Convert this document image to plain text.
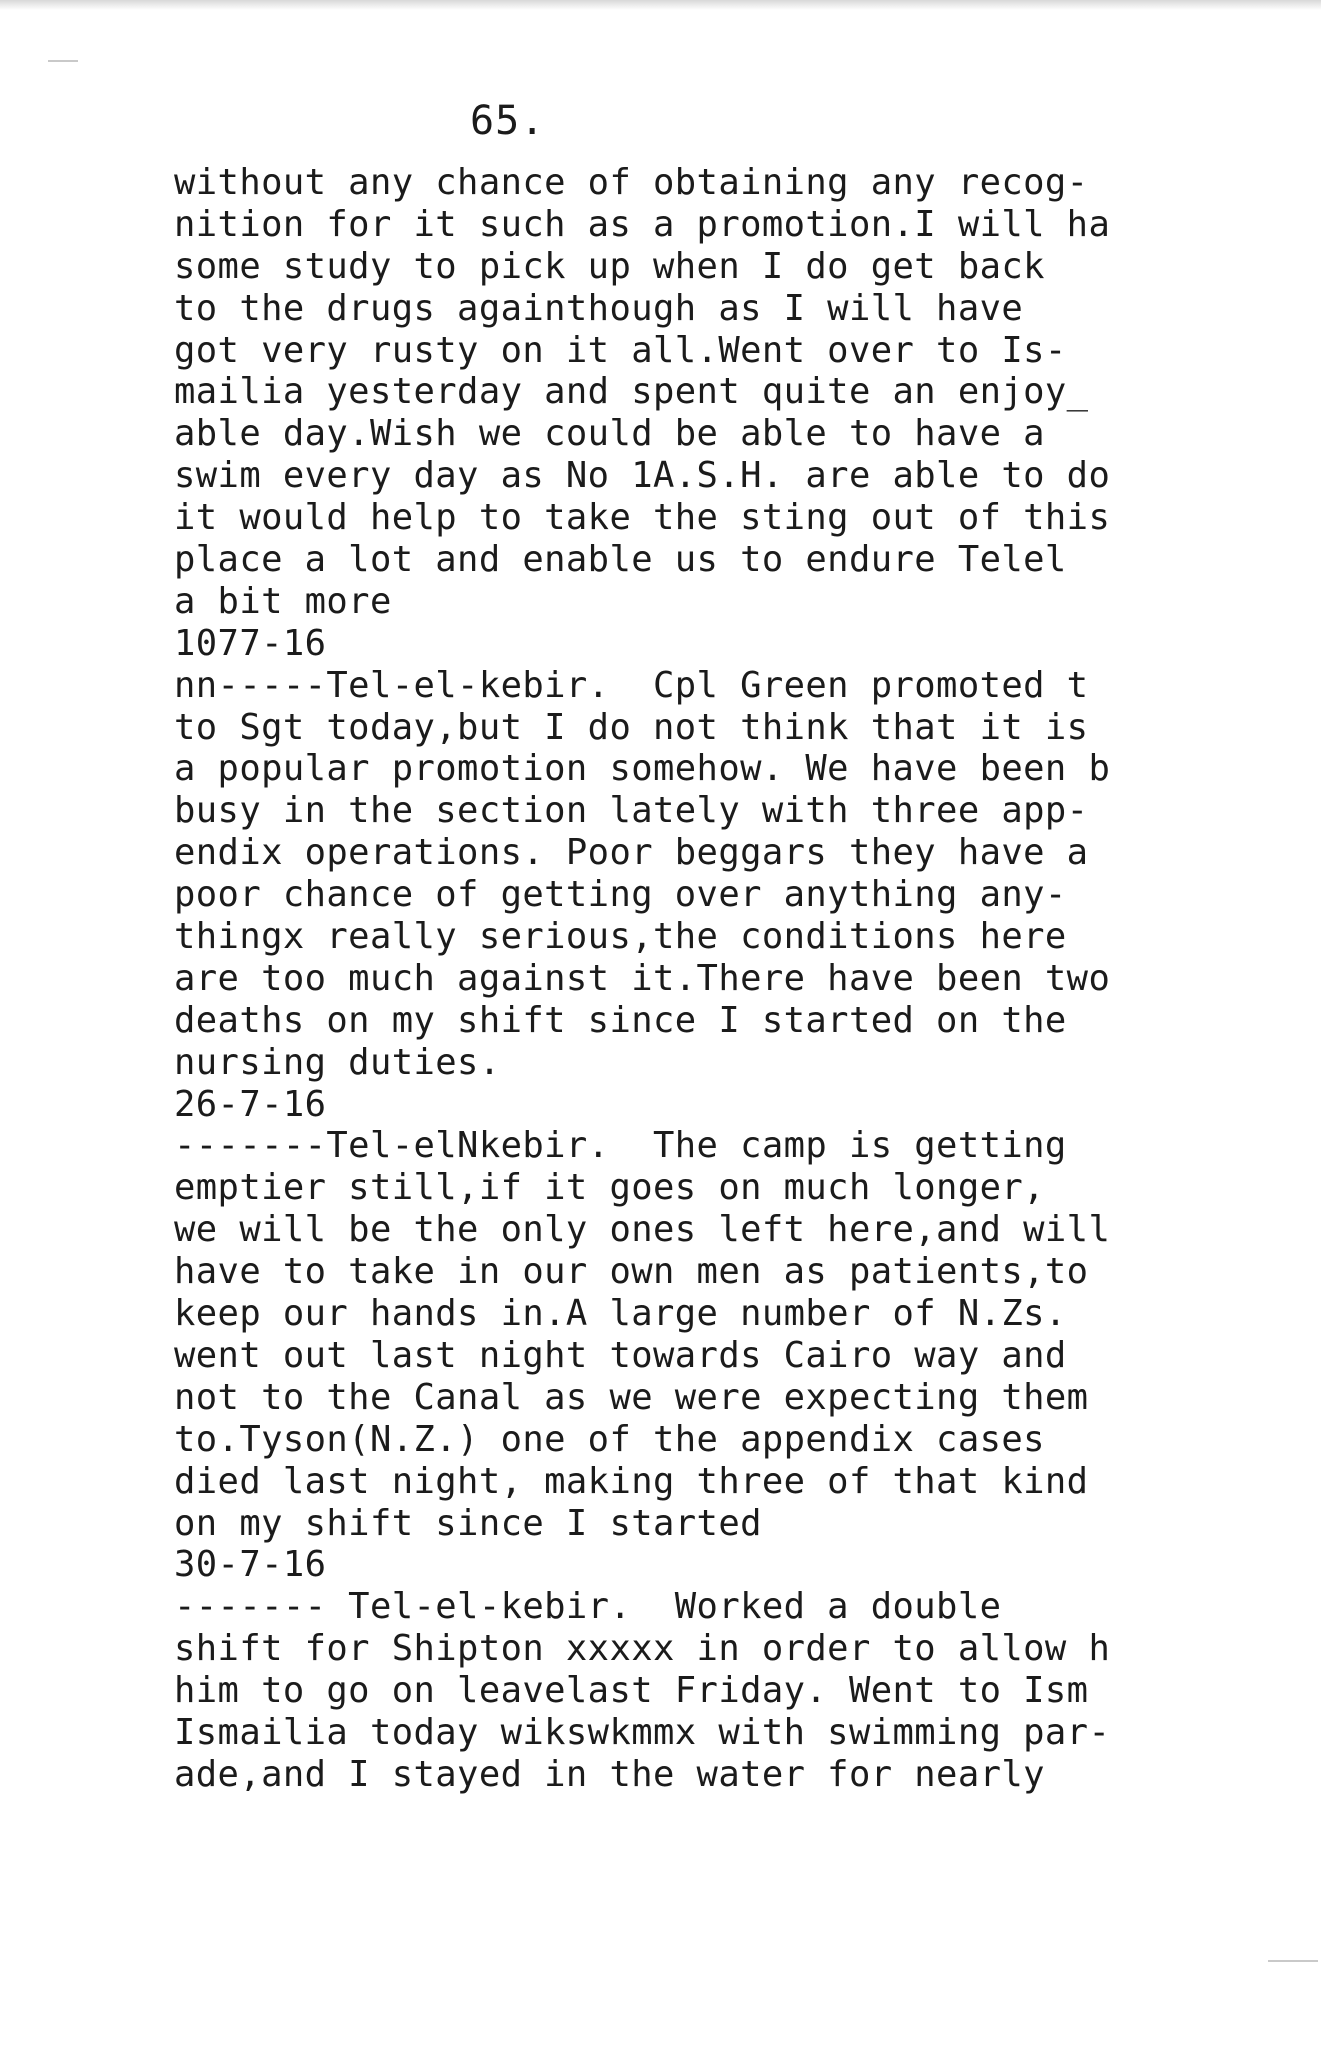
65.
without any chance of obtaining any recog-
nition for it such as a promotion.I will ha
some study to pick up when I do get back
to the drugs againthough as I will have
got very rusty on it all.Went over to Is-
mailia yesterday and spent quite an enjoy_
able day.Wish we could be able to have a
swim every day as No 1A.S.H. are able to do
it would help to take the sting out of this
place a lot and enable us to endure Telel
a bit more
1077-16
nn-----Tel-el-kebir.  Cpl Green promoted t
to Sgt today,but I do not think that it is
a popular promotion somehow. We have been b
busy in the section lately with three app-
endix operations. Poor beggars they have a
poor chance of getting over anything any-
thingx really serious,the conditions here
are too much against it.There have been two
deaths on my shift since I started on the
nursing duties.
26-7-16
-------Tel-elNkebir.  The camp is getting
emptier still,if it goes on much longer,
we will be the only ones left here,and will
have to take in our own men as patients,to
keep our hands in.A large number of N.Zs.
went out last night towards Cairo way and
not to the Canal as we were expecting them
to.Tyson(N.Z.) one of the appendix cases
died last night, making three of that kind
on my shift since I started
30-7-16
------- Tel-el-kebir.  Worked a double
shift for Shipton xxxxx in order to allow h
him to go on leavelast Friday. Went to Ism
Ismailia today wikswkmmx with swimming par-
ade,and I stayed in the water for nearly
